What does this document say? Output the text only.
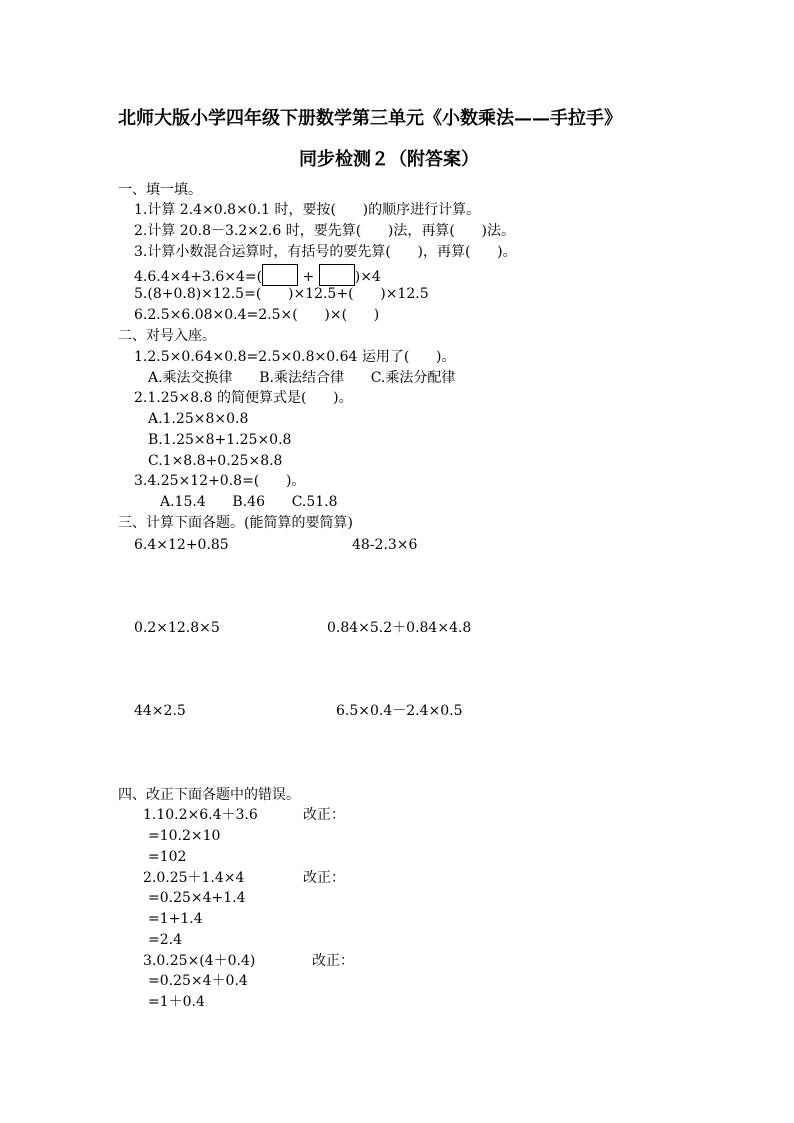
北师大版小学四年级下册数学第三单元《小数乘法——手拉手》
同步检测２（附答案）
一、填一填。
1.计算 2.4×0.8×0.1 时，要按(      )的顺序进行计算。
2.计算 20.8－3.2×2.6 时，要先算(      )法，再算(      )法。
3.计算小数混合运算时，有括号的要先算(      )，再算(      )。
4.6.4×4+3.6×4=(	+	)×4
5.(8+0.8)×12.5=(      )×12.5+(      )×12.5
6.2.5×6.08×0.4=2.5×(      )×(      )
二、对号入座。
1.2.5×0.64×0.8=2.5×0.8×0.64 运用了(      )。
A.乘法交换律      B.乘法结合律      C.乘法分配律
2.1.25×8.8 的简便算式是(      )。
A.1.25×8×0.8
B.1.25×8+1.25×0.8
C.1×8.8+0.25×8.8
3.4.25×12+0.8=(      )。
A.15.4      B.46      C.51.8
三、计算下面各题。(能简算的要简算)
6.4×12+0.85	48-2.3×6
0.2×12.8×5	0.84×5.2＋0.84×4.8
44×2.5	6.5×0.4－2.4×0.5
四、改正下面各题中的错误。
1.10.2×6.4＋3.6	改正：
=10.2×10
=102
2.0.25＋1.4×4	改正：
=0.25×4+1.4
=1+1.4
=2.4
3.0.25×(4＋0.4)	改正：
=0.25×4＋0.4
=1＋0.4
